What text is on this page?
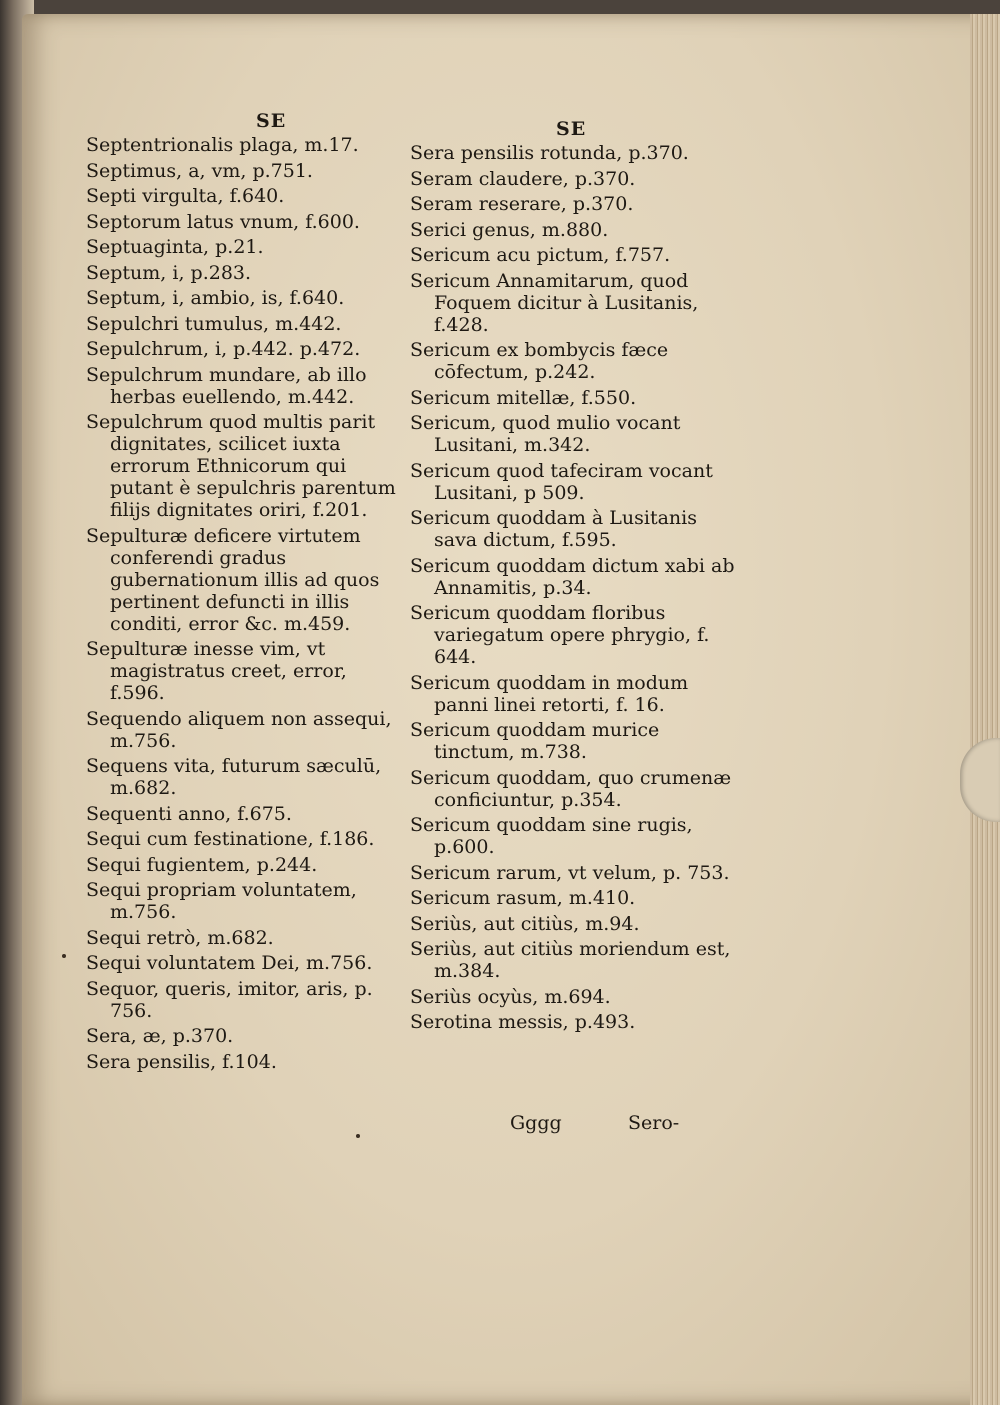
SE
Septentrionalis plaga, m.17.
Septimus, a, vm, p.751.
Septi virgulta, f.640.
Septorum latus vnum, f.600.
Septuaginta, p.21.
Septum, i, p.283.
Septum, i, ambio, is, f.640.
Sepulchri tumulus, m.442.
Sepulchrum, i, p.442. p.472.
Sepulchrum mundare, ab illo herbas euellendo, m.442.
Sepulchrum quod multis parit dignitates, scilicet iuxta errorum Ethnicorum qui putant è sepulchris parentum filijs dignitates oriri, f.201.
Sepulturæ deficere virtutem conferendi gradus gubernationum illis ad quos pertinent defuncti in illis conditi, error &c. m.459.
Sepulturæ inesse vim, vt magistratus creet, error, f.596.
Sequendo aliquem non assequi, m.756.
Sequens vita, futurum sæculū, m.682.
Sequenti anno, f.675.
Sequi cum festinatione, f.186.
Sequi fugientem, p.244.
Sequi propriam voluntatem, m.756.
Sequi retrò, m.682.
Sequi voluntatem Dei, m.756.
Sequor, queris, imitor, aris, p. 756.
Sera, æ, p.370.
Sera pensilis, f.104.
SE
Sera pensilis rotunda, p.370.
Seram claudere, p.370.
Seram reserare, p.370.
Serici genus, m.880.
Sericum acu pictum, f.757.
Sericum Annamitarum, quod Foquem dicitur à Lusitanis, f.428.
Sericum ex bombycis fæce cōfectum, p.242.
Sericum mitellæ, f.550.
Sericum, quod mulio vocant Lusitani, m.342.
Sericum quod tafeciram vocant Lusitani, p 509.
Sericum quoddam à Lusitanis sava dictum, f.595.
Sericum quoddam dictum xabi ab Annamitis, p.34.
Sericum quoddam floribus variegatum opere phrygio, f. 644.
Sericum quoddam in modum panni linei retorti, f. 16.
Sericum quoddam murice tinctum, m.738.
Sericum quoddam, quo crumenæ conficiuntur, p.354.
Sericum quoddam sine rugis, p.600.
Sericum rarum, vt velum, p. 753.
Sericum rasum, m.410.
Seriùs, aut citiùs, m.94.
Seriùs, aut citiùs moriendum est, m.384.
Seriùs ocyùs, m.694.
Serotina messis, p.493.
Gggg	Sero-
